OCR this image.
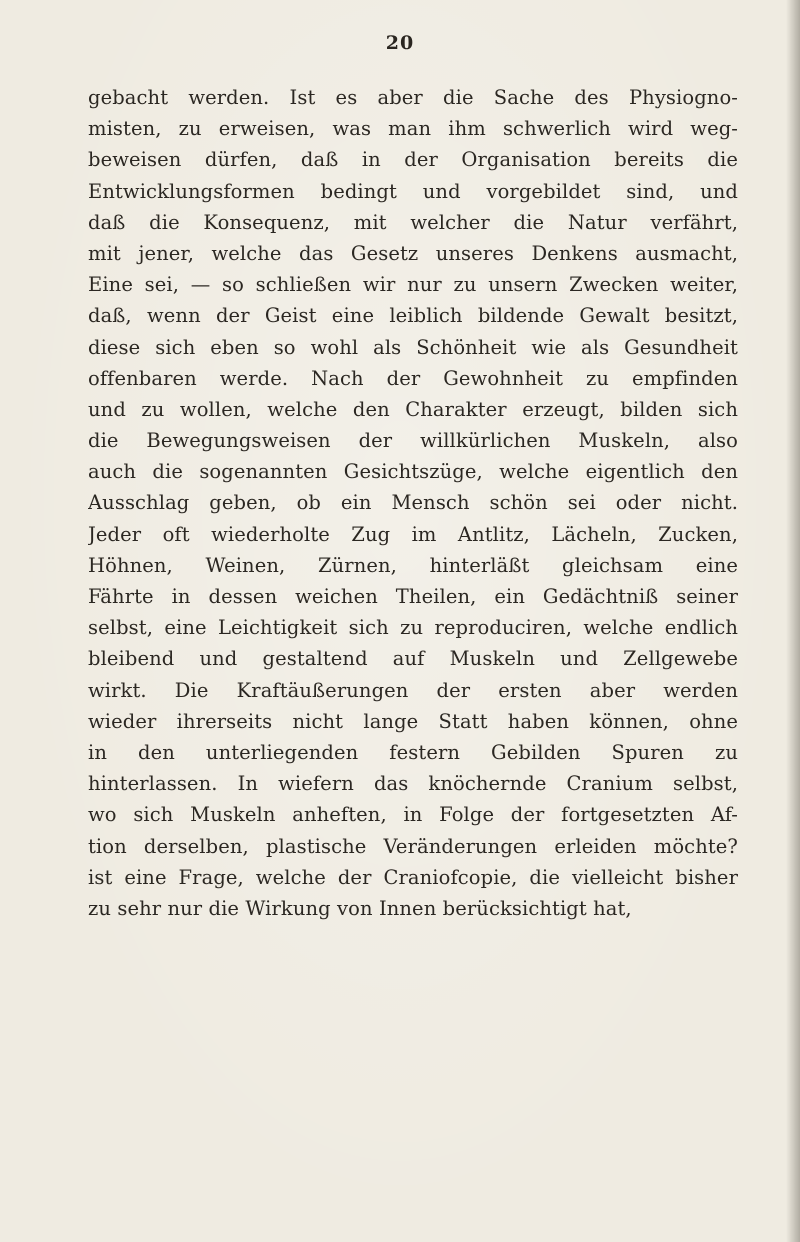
20
gebacht werden. Ist es aber die Sache des Physiogno-
misten, zu erweisen, was man ihm schwerlich wird weg-
beweisen dürfen, daß in der Organisation bereits die
Entwicklungsformen bedingt und vorgebildet sind, und
daß die Konsequenz, mit welcher die Natur verfährt,
mit jener, welche das Gesetz unseres Denkens ausmacht,
Eine sei, — so schließen wir nur zu unsern Zwecken weiter,
daß, wenn der Geist eine leiblich bildende Gewalt besitzt,
diese sich eben so wohl als Schönheit wie als Gesundheit
offenbaren werde. Nach der Gewohnheit zu empfinden
und zu wollen, welche den Charakter erzeugt, bilden sich
die Bewegungsweisen der willkürlichen Muskeln, also
auch die sogenannten Gesichtszüge, welche eigentlich den
Ausschlag geben, ob ein Mensch schön sei oder nicht.
Jeder oft wiederholte Zug im Antlitz, Lächeln, Zucken,
Höhnen, Weinen, Zürnen, hinterläßt gleichsam eine
Fährte in dessen weichen Theilen, ein Gedächtniß seiner
selbst, eine Leichtigkeit sich zu reproduciren, welche endlich
bleibend und gestaltend auf Muskeln und Zellgewebe
wirkt. Die Kraftäußerungen der ersten aber werden
wieder ihrerseits nicht lange Statt haben können, ohne
in den unterliegenden festern Gebilden Spuren zu
hinterlassen. In wiefern das knöchernde Cranium selbst,
wo sich Muskeln anheften, in Folge der fortgesetzten Af-
tion derselben, plastische Veränderungen erleiden möchte?
ist eine Frage, welche der Craniofcopie, die vielleicht bisher
zu sehr nur die Wirkung von Innen berücksichtigt hat,
